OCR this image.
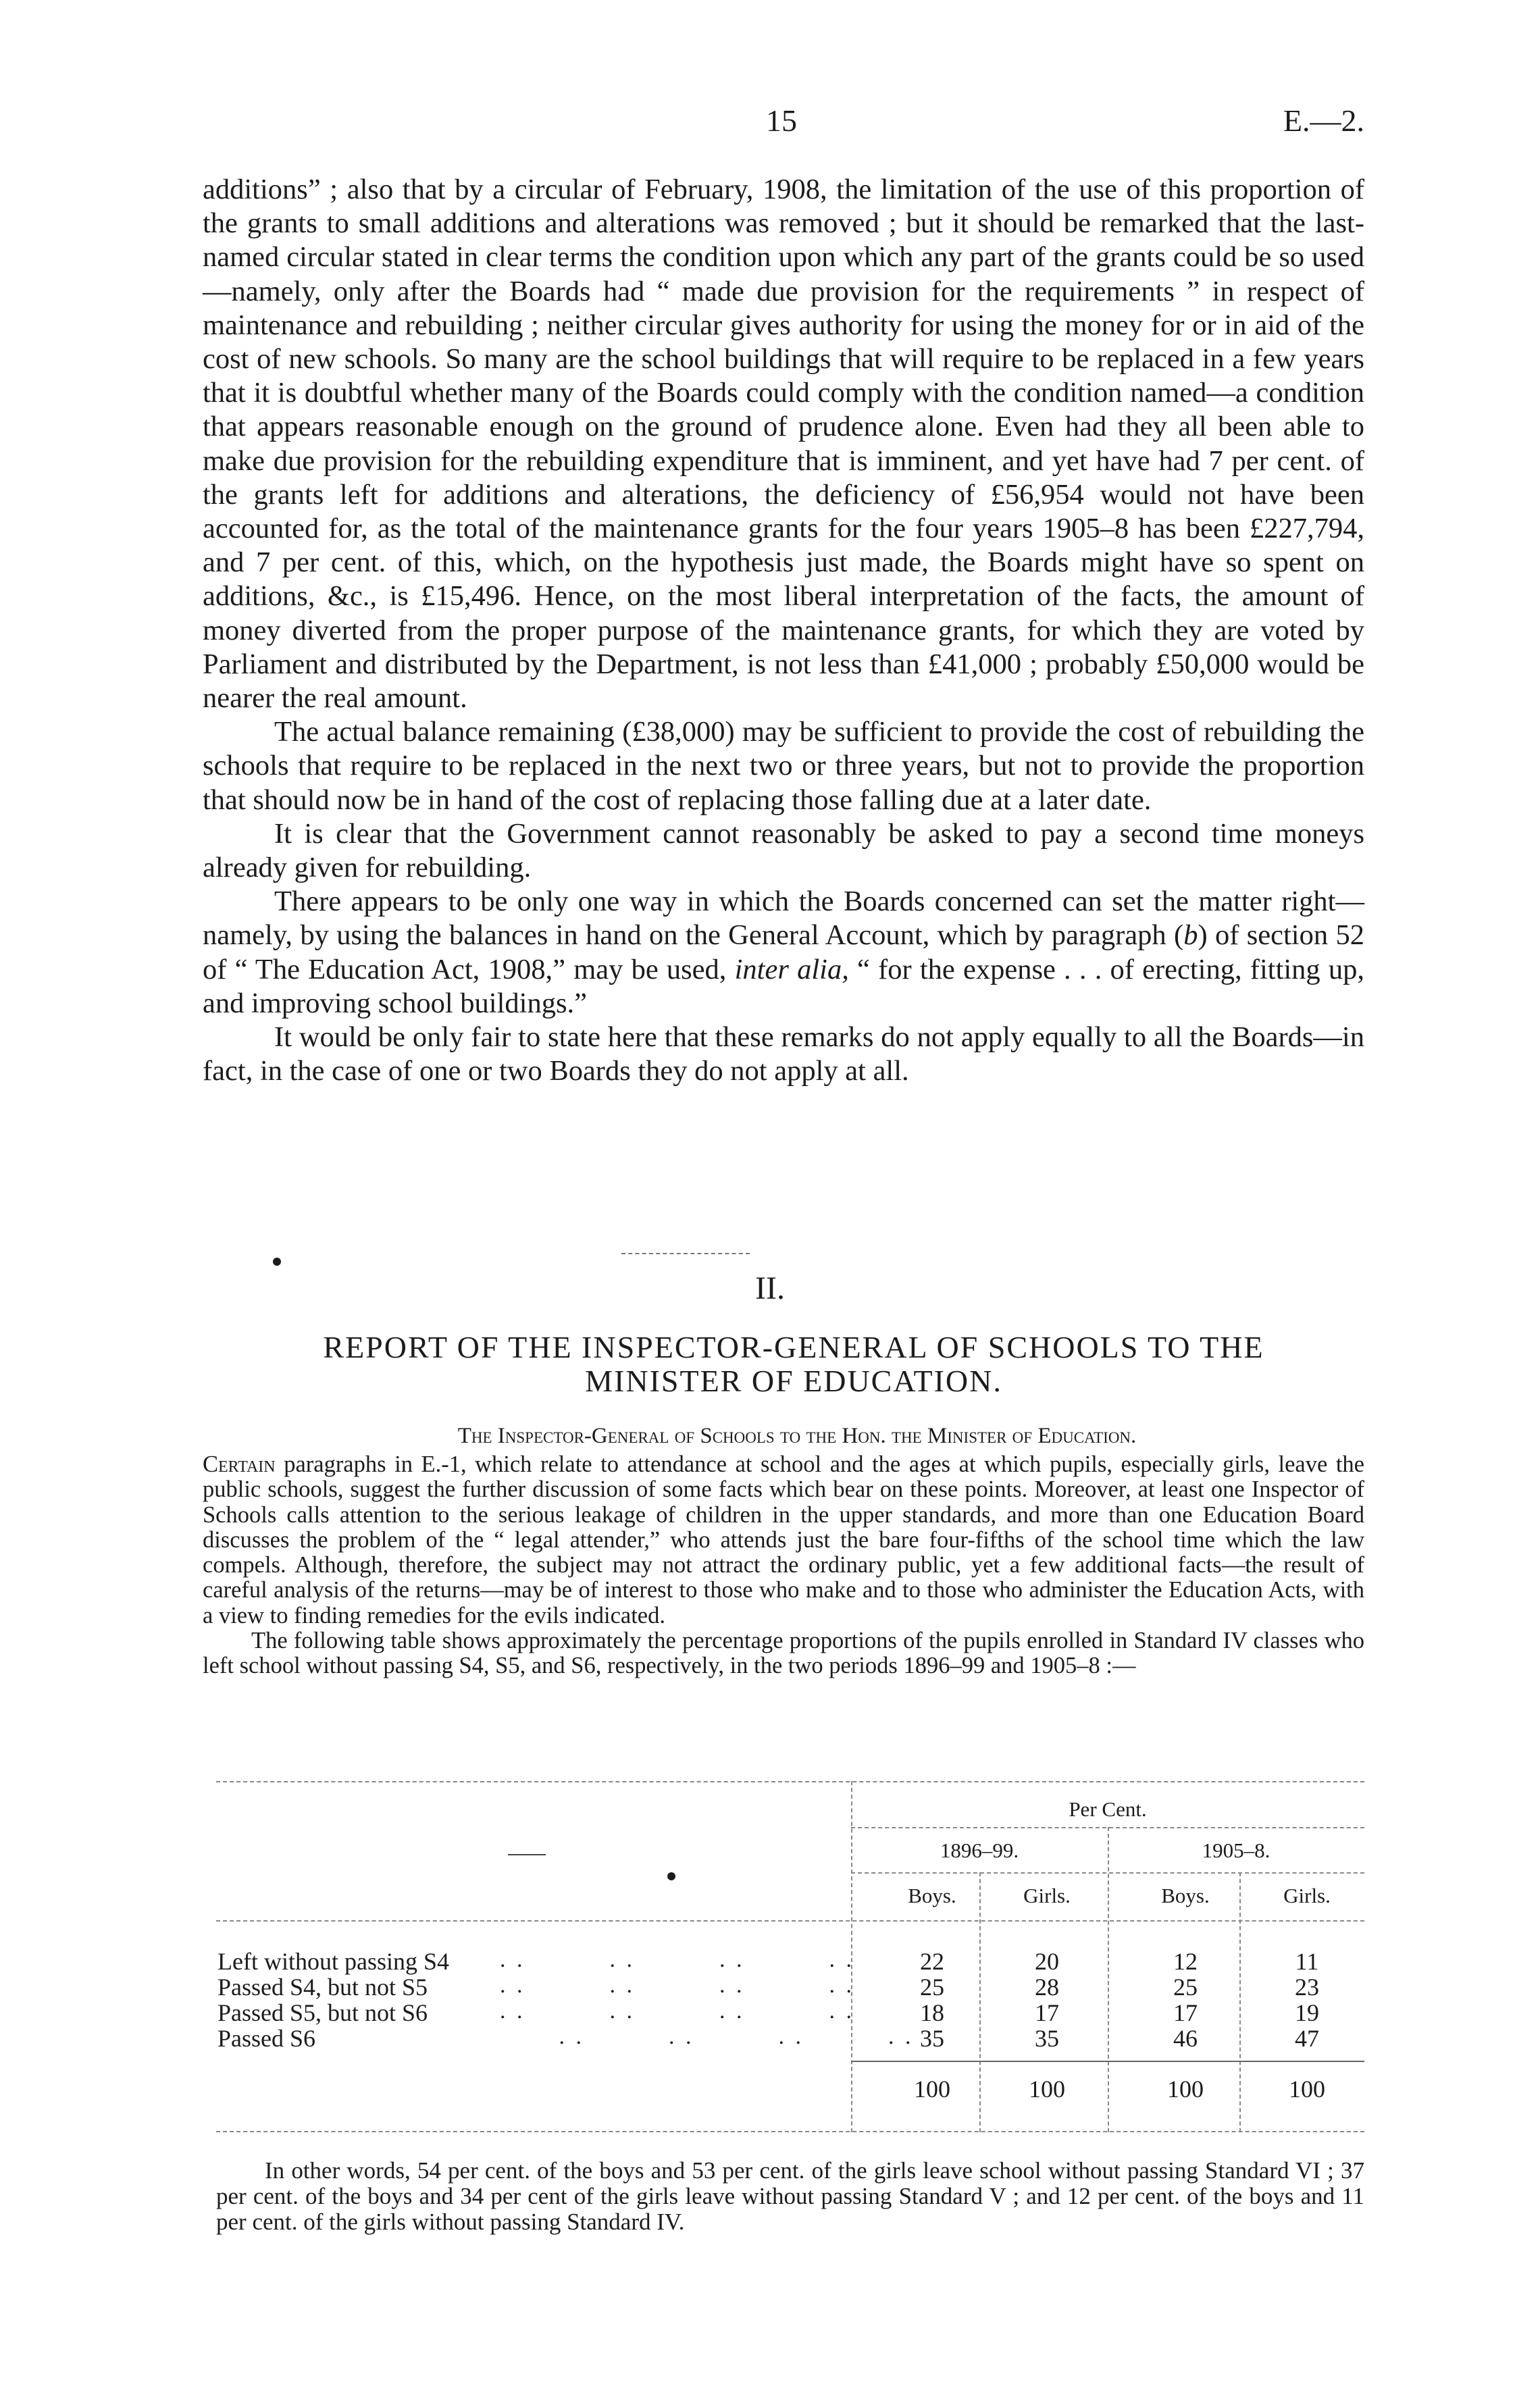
15	E.—2.

additions” ; also that by a circular of February, 1908, the limitation of the use of this proportion of the grants to small additions and alterations was removed ; but it should be remarked that the last-named circular stated in clear terms the condition upon which any part of the grants could be so used—namely, only after the Boards had “ made due provision for the requirements ” in respect of maintenance and rebuilding ; neither circular gives authority for using the money for or in aid of the cost of new schools. So many are the school buildings that will require to be replaced in a few years that it is doubtful whether many of the Boards could comply with the condition named—a condition that appears reasonable enough on the ground of prudence alone. Even had they all been able to make due provision for the rebuilding expenditure that is imminent, and yet have had 7 per cent. of the grants left for additions and alterations, the deficiency of £56,954 would not have been accounted for, as the total of the maintenance grants for the four years 1905–8 has been £227,794, and 7 per cent. of this, which, on the hypothesis just made, the Boards might have so spent on additions, &c., is £15,496. Hence, on the most liberal interpretation of the facts, the amount of money diverted from the proper purpose of the maintenance grants, for which they are voted by Parliament and distributed by the Department, is not less than £41,000 ; probably £50,000 would be nearer the real amount.

The actual balance remaining (£38,000) may be sufficient to provide the cost of rebuilding the schools that require to be replaced in the next two or three years, but not to provide the proportion that should now be in hand of the cost of replacing those falling due at a later date.

It is clear that the Government cannot reasonably be asked to pay a second time moneys already given for rebuilding.

There appears to be only one way in which the Boards concerned can set the matter right—namely, by using the balances in hand on the General Account, which by paragraph (b) of section 52 of “ The Education Act, 1908,” may be used, inter alia, “ for the expense . . . of erecting, fitting up, and improving school buildings.”

It would be only fair to state here that these remarks do not apply equally to all the Boards—in fact, in the case of one or two Boards they do not apply at all.

II.
REPORT OF THE INSPECTOR-GENERAL OF SCHOOLS TO THE
MINISTER OF EDUCATION.
The Inspector-General of Schools to the Hon. the Minister of Education.

Certain paragraphs in E.-1, which relate to attendance at school and the ages at which pupils, especially girls, leave the public schools, suggest the further discussion of some facts which bear on these points. Moreover, at least one Inspector of Schools calls attention to the serious leakage of children in the upper standards, and more than one Education Board discusses the problem of the “ legal attender,” who attends just the bare four-fifths of the school time which the law compels. Although, therefore, the subject may not attract the ordinary public, yet a few additional facts—the result of careful analysis of the returns—may be of interest to those who make and to those who administer the Education Acts, with a view to finding remedies for the evils indicated.

The following table shows approximately the percentage proportions of the pupils enrolled in Standard IV classes who left school without passing S4, S5, and S6, respectively, in the two periods 1896–99 and 1905–8 :—

Per Cent.
1896–99.	1905–8.
Boys.	Girls.	Boys.	Girls.
Left without passing S4 . .          . .          . .          . .	22	20	12	11
Passed S4, but not S5	. .          . .          . .          . .	25	28	25	23
Passed S5, but not S6	. .          . .          . .          . .	18	17	17	19
Passed S6	. .          . .          . .          . . 35	35	46	47
100	100	100	100

In other words, 54 per cent. of the boys and 53 per cent. of the girls leave school without passing Standard VI ; 37 per cent. of the boys and 34 per cent of the girls leave without passing Standard V ; and 12 per cent. of the boys and 11 per cent. of the girls without passing Standard IV.
